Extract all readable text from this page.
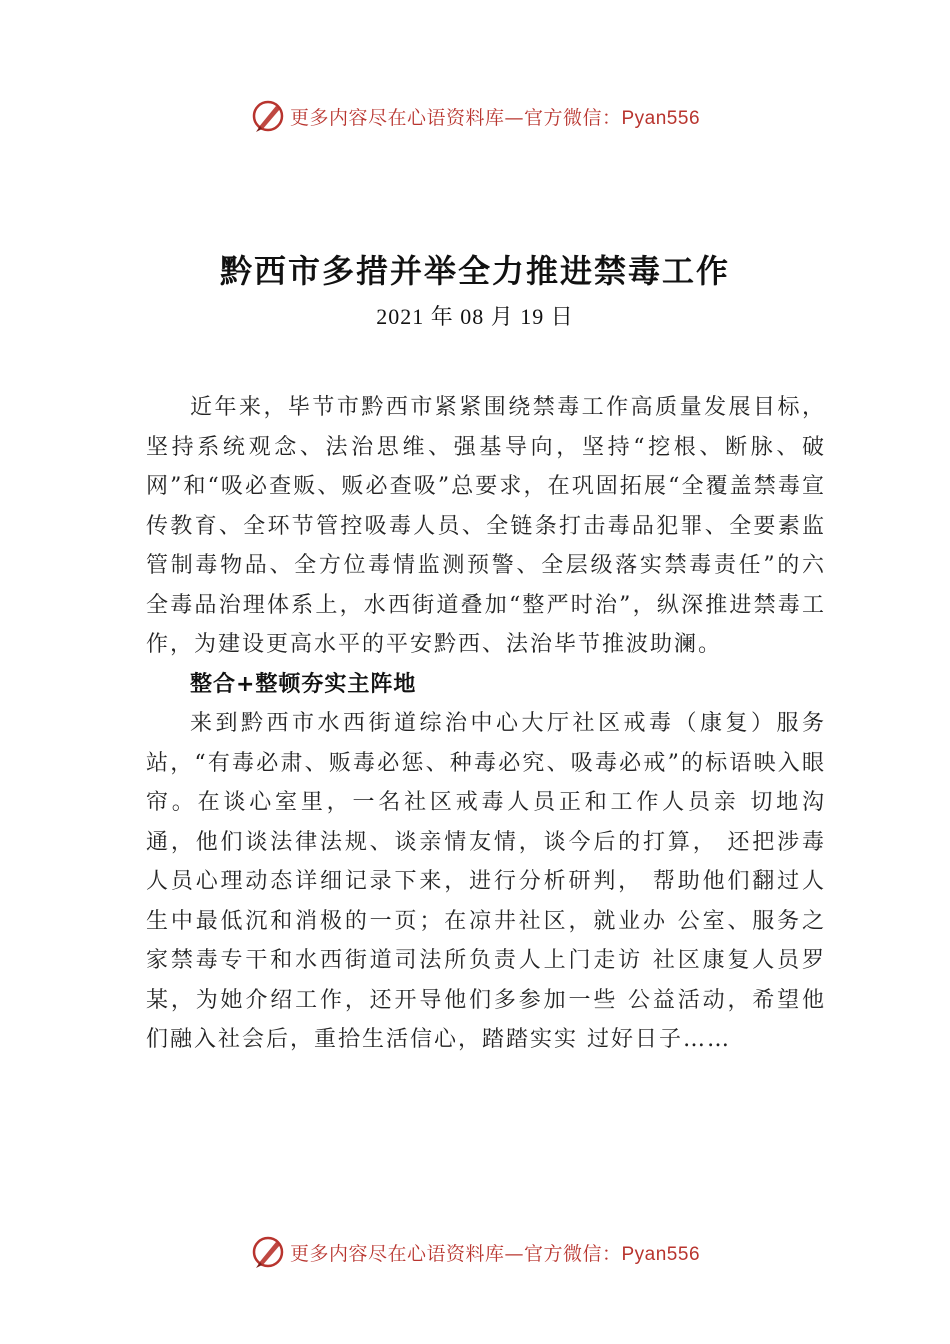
更多内容尽在心语资料库—官方微信：Pyan556
黔西市多措并举全力推进禁毒工作
2021 年 08 月 19 日

近年来，毕节市黔西市紧紧围绕禁毒工作高质量发展目标，坚持系统观念、法治思维、强基导向，坚持“挖根、断脉、破网”和“吸必查贩、贩必查吸”总要求，在巩固拓展“全覆盖禁毒宣传教育、全环节管控吸毒人员、全链条打击毒品犯罪、全要素监管制毒物品、全方位毒情监测预警、全层级落实禁毒责任”的六全毒品治理体系上，水西街道叠加“整严时治”，纵深推进禁毒工作，为建设更高水平的平安黔西、法治毕节推波助澜。

整合+整顿夯实主阵地

来到黔西市水西街道综治中心大厅社区戒毒（康复）服务站，“有毒必肃、贩毒必惩、种毒必究、吸毒必戒”的标语映入眼帘。在谈心室里，一名社区戒毒人员正和工作人员亲 切地沟通，他们谈法律法规、谈亲情友情，谈今后的打算， 还把涉毒人员心理动态详细记录下来，进行分析研判， 帮助他们翻过人生中最低沉和消极的一页；在凉井社区，就业办 公室、服务之家禁毒专干和水西街道司法所负责人上门走访 社区康复人员罗某，为她介绍工作，还开导他们多参加一些 公益活动，希望他们融入社会后，重拾生活信心，踏踏实实 过好日子……

更多内容尽在心语资料库—官方微信：Pyan556
